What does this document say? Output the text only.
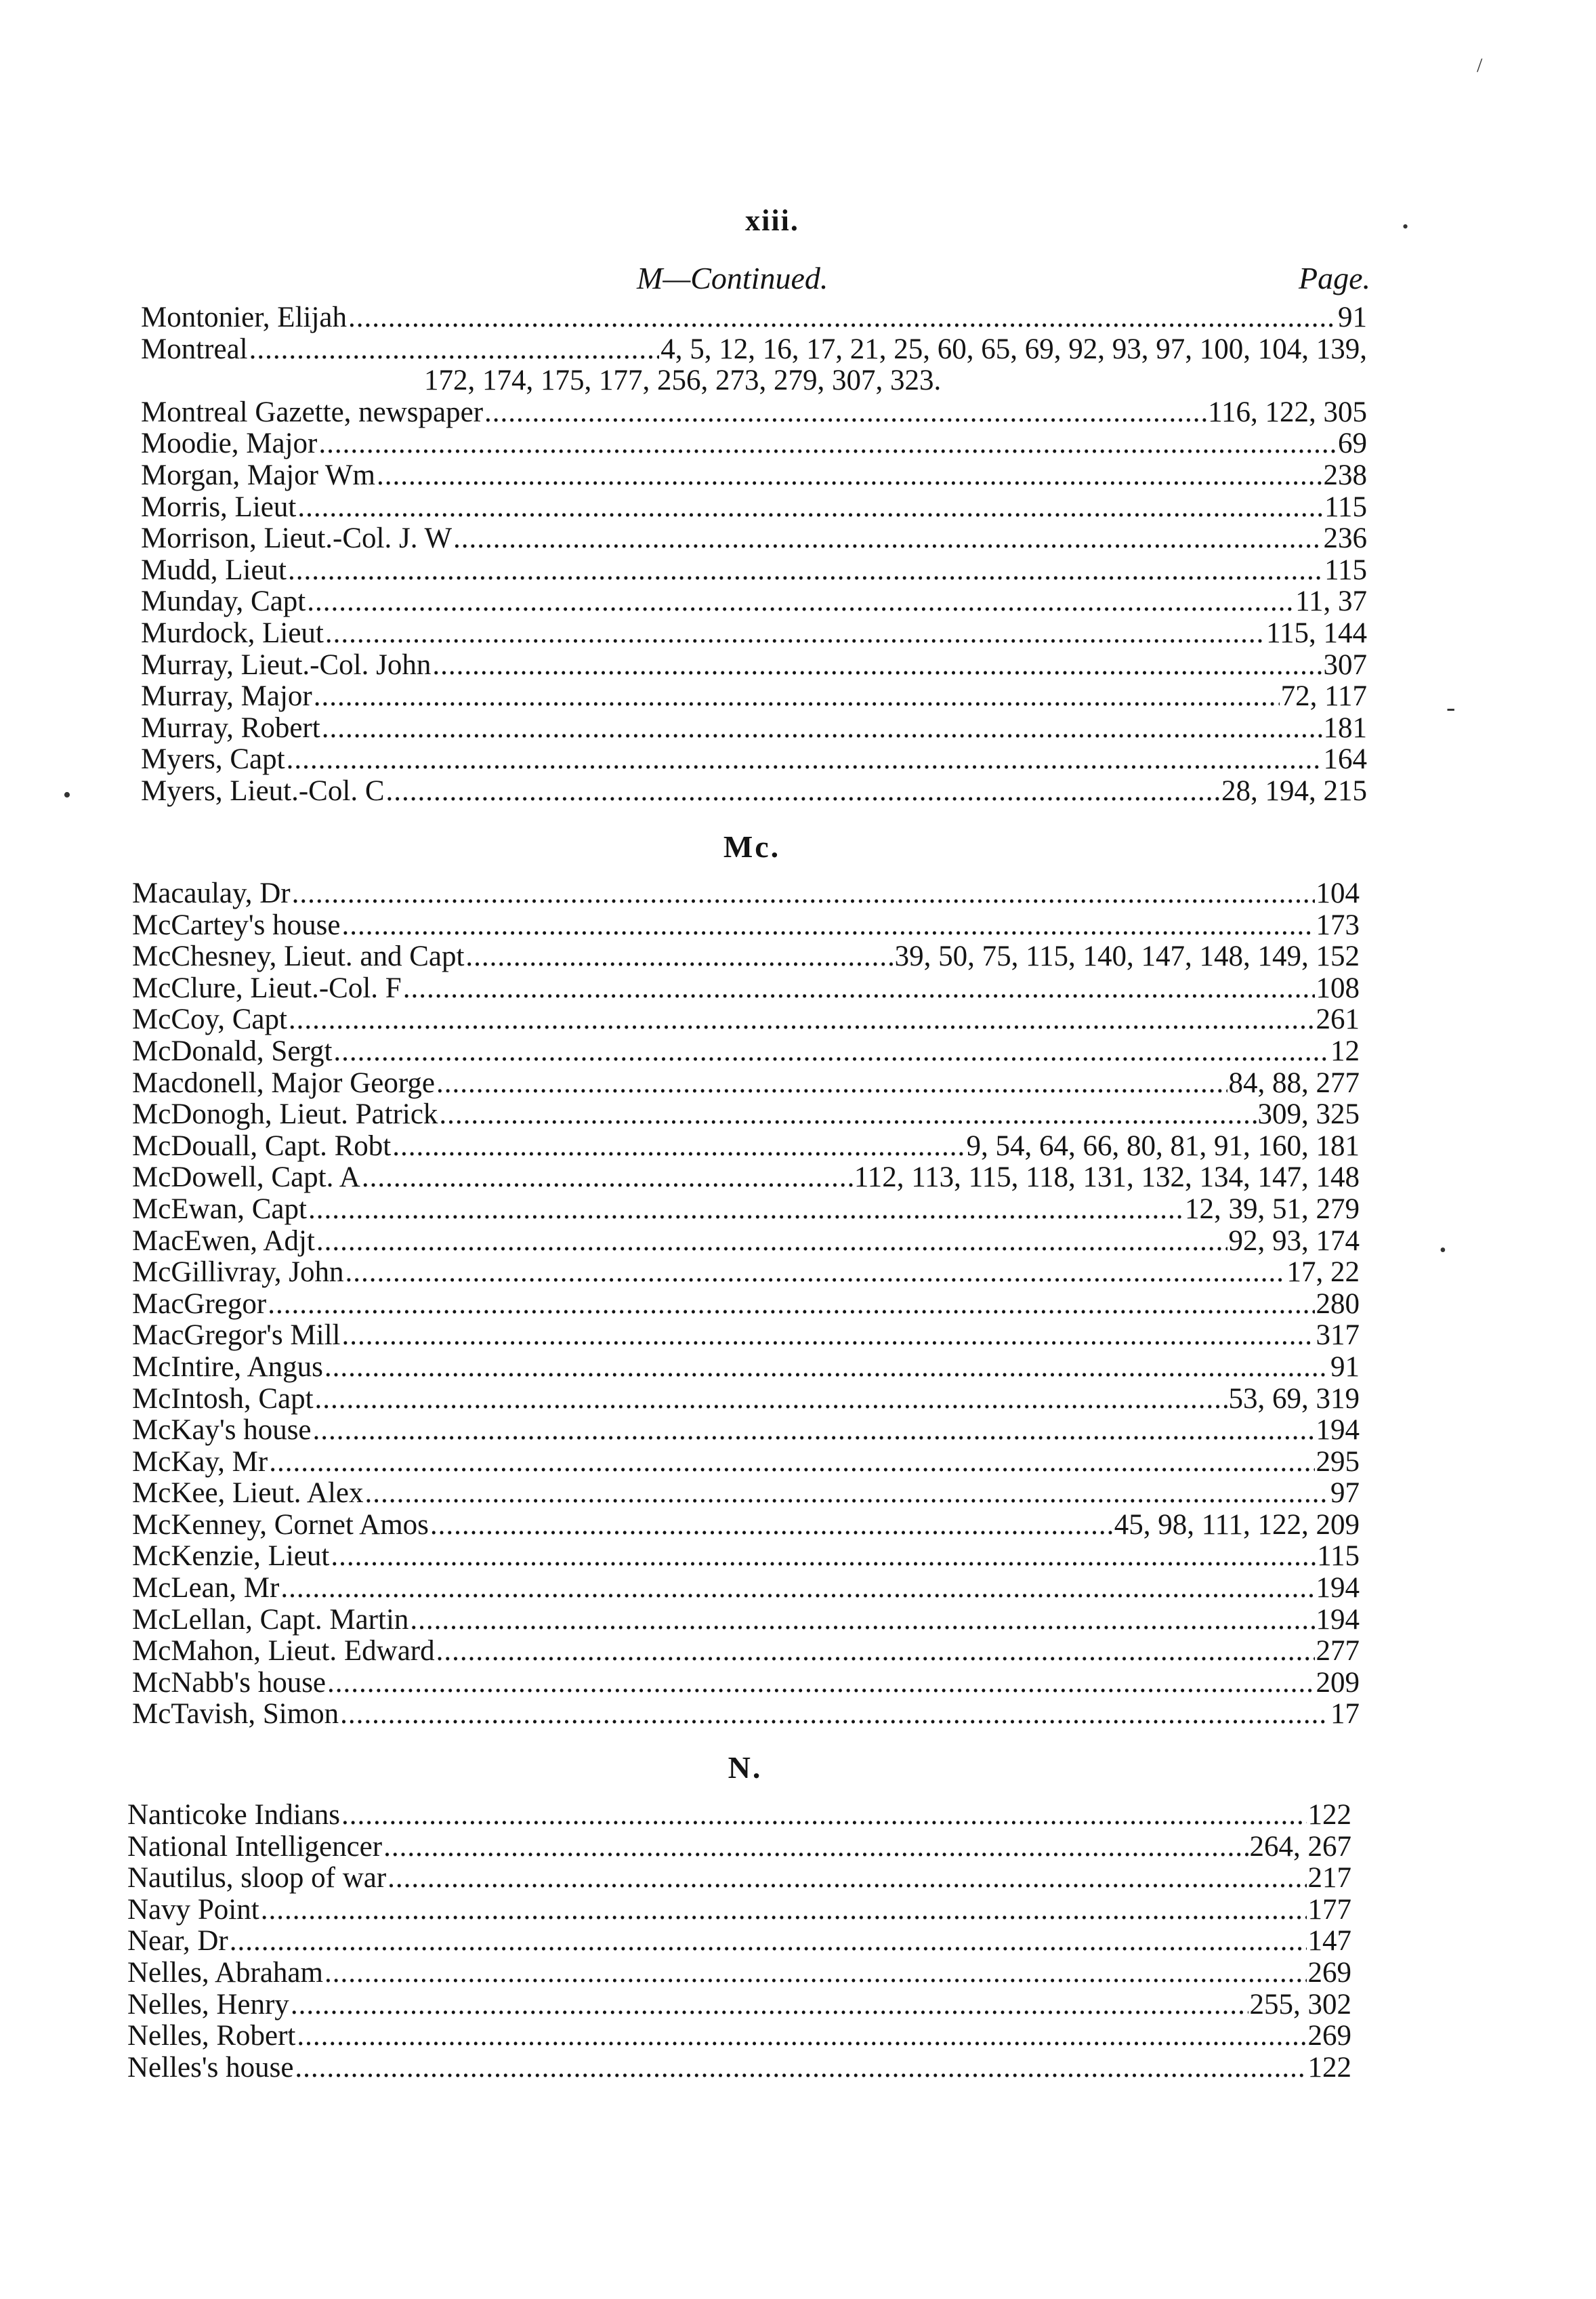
xiii.
M—Continued.	Page.
Montonier, Elijah .....	91
Montreal .....	4, 5, 12, 16, 17, 21, 25, 60, 65, 69, 92, 93, 97, 100, 104, 139,
172, 174, 175, 177, 256, 273, 279, 307, 323.
Montreal Gazette, newspaper .....	116, 122, 305
Moodie, Major .....	69
Morgan, Major Wm .....	238
Morris, Lieut .....	115
Morrison, Lieut.-Col. J. W .....	236
Mudd, Lieut .....	115
Munday, Capt .....	11, 37
Murdock, Lieut .....	115, 144
Murray, Lieut.-Col. John .....	307
Murray, Major .....	72, 117
Murray, Robert .....	181
Myers, Capt .....	164
Myers, Lieut.-Col. C .....	28, 194, 215
Mc.
Macaulay, Dr .....	104
McCartey's house .....	173
McChesney, Lieut. and Capt .....	39, 50, 75, 115, 140, 147, 148, 149, 152
McClure, Lieut.-Col. F .....	108
McCoy, Capt .....	261
McDonald, Sergt .....	12
Macdonell, Major George .....	84, 88, 277
McDonogh, Lieut. Patrick .....	309, 325
McDouall, Capt. Robt .....	9, 54, 64, 66, 80, 81, 91, 160, 181
McDowell, Capt. A .....	112, 113, 115, 118, 131, 132, 134, 147, 148
McEwan, Capt .....	12, 39, 51, 279
MacEwen, Adjt .....	92, 93, 174
McGillivray, John .....	17, 22
MacGregor .....	280
MacGregor's Mill .....	317
McIntire, Angus .....	91
McIntosh, Capt .....	53, 69, 319
McKay's house .....	194
McKay, Mr .....	295
McKee, Lieut. Alex .....	97
McKenney, Cornet Amos .....	45, 98, 111, 122, 209
McKenzie, Lieut .....	115
McLean, Mr .....	194
McLellan, Capt. Martin .....	194
McMahon, Lieut. Edward .....	277
McNabb's house .....	209
McTavish, Simon .....	17
N.
Nanticoke Indians .....	122
National Intelligencer .....	264, 267
Nautilus, sloop of war .....	217
Navy Point .....	177
Near, Dr .....	147
Nelles, Abraham .....	269
Nelles, Henry .....	255, 302
Nelles, Robert .....	269
Nelles's house .....	122
/
-
•
•
•
